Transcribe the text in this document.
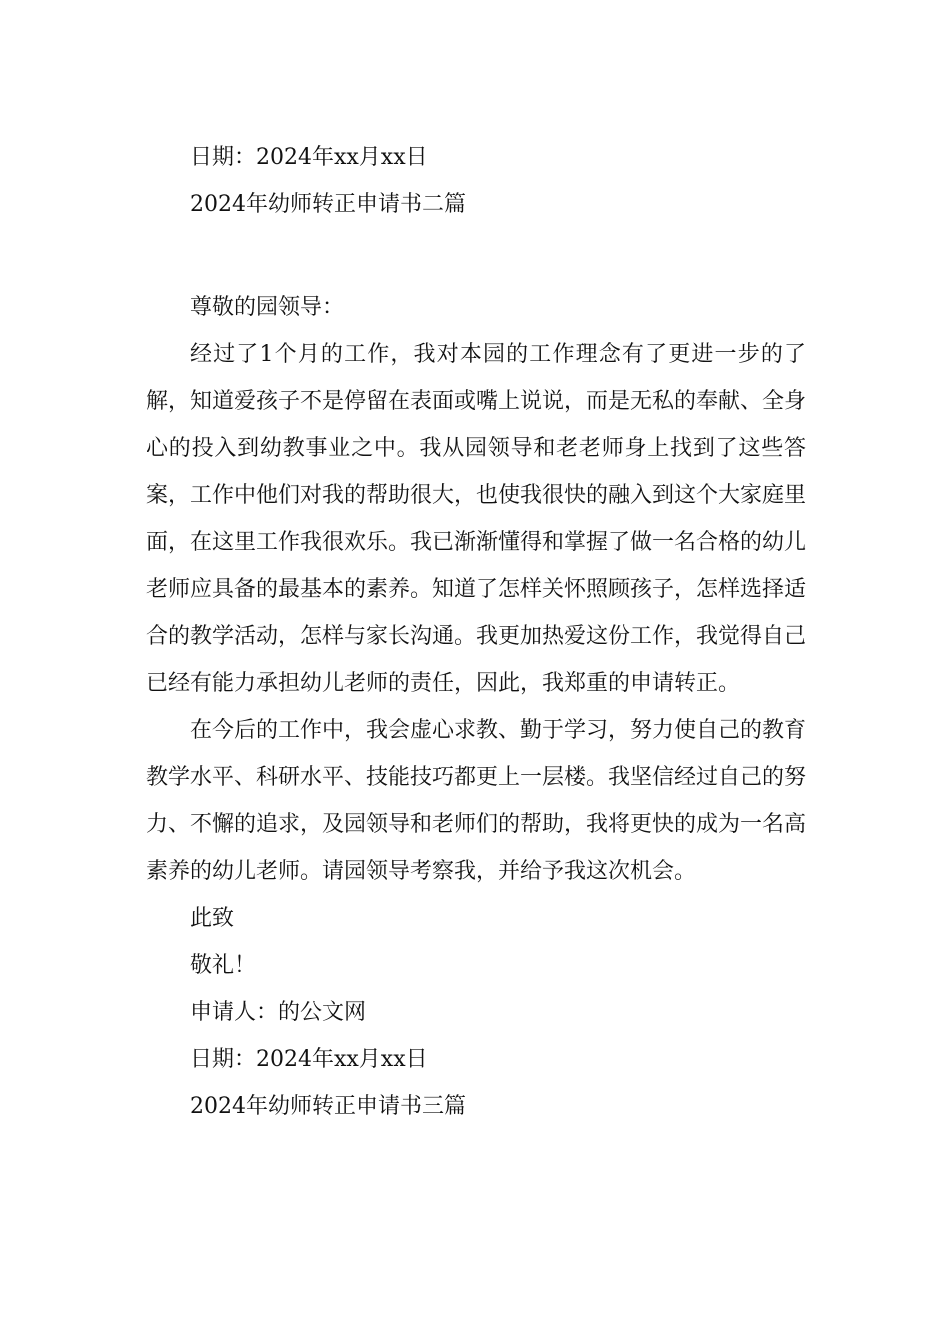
日期：2024年xx月xx日
2024年幼师转正申请书二篇
尊敬的园领导：

经过了1个月的工作，我对本园的工作理念有了更进一步的了解，知道爱孩子不是停留在表面或嘴上说说，而是无私的奉献、全身心的投入到幼教事业之中。我从园领导和老老师身上找到了这些答案，工作中他们对我的帮助很大，也使我很快的融入到这个大家庭里面，在这里工作我很欢乐。我已渐渐懂得和掌握了做一名合格的幼儿老师应具备的最基本的素养。知道了怎样关怀照顾孩子，怎样选择适合的教学活动，怎样与家长沟通。我更加热爱这份工作，我觉得自己已经有能力承担幼儿老师的责任，因此，我郑重的申请转正。

在今后的工作中，我会虚心求教、勤于学习，努力使自己的教育教学水平、科研水平、技能技巧都更上一层楼。我坚信经过自己的努力、不懈的追求，及园领导和老师们的帮助，我将更快的成为一名高素养的幼儿老师。请园领导考察我，并给予我这次机会。

此致
敬礼！
申请人：的公文网
日期：2024年xx月xx日
2024年幼师转正申请书三篇
